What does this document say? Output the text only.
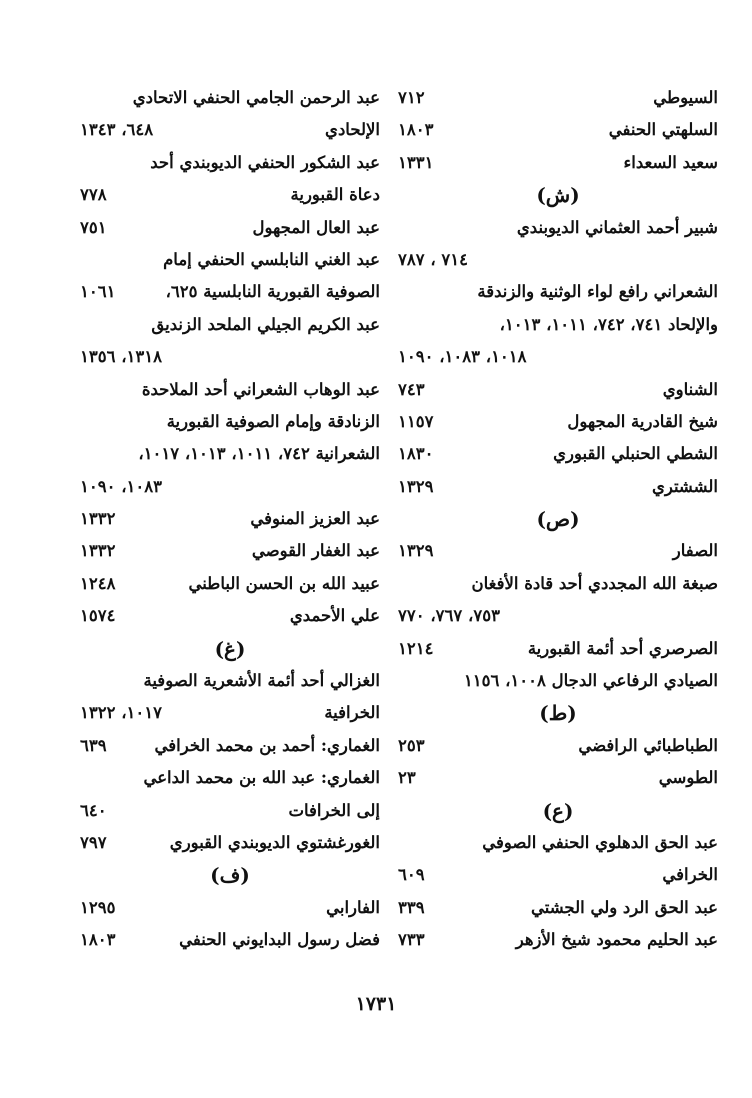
السيوطي
٧١٢
السلهتي الحنفي
١٨٠٣
سعيد السعداء
١٣٣١
(ش)
شبير أحمد العثماني الديوبندي
٧١٤ ، ٧٨٧
الشعراني رافع لواء الوثنية والزندقة
والإلحاد ٧٤١، ٧٤٢، ١٠١١، ١٠١٣،
١٠١٨، ١٠٨٣، ١٠٩٠
الشناوي
٧٤٣
شيخ القادرية المجهول
١١٥٧
الشطي الحنبلي القبوري
١٨٣٠
الششتري
١٣٢٩
(ص)
الصفار
١٣٢٩
صبغة الله المجددي أحد قادة الأفغان
٧٥٣، ٧٦٧، ٧٧٠
الصرصري أحد أئمة القبورية
١٢١٤
الصيادي الرفاعي الدجال ١٠٠٨، ١١٥٦
(ط)
الطباطبائي الرافضي
٢٥٣
الطوسي
٢٣
(ع)
عبد الحق الدهلوي الحنفي الصوفي
الخرافي
٦٠٩
عبد الحق الرد ولي الجشتي
٣٣٩
عبد الحليم محمود شيخ الأزهر
٧٣٣
عبد الرحمن الجامي الحنفي الاتحادي
الإلحادي
٦٤٨، ١٣٤٣
عبد الشكور الحنفي الديوبندي أحد
دعاة القبورية
٧٧٨
عبد العال المجهول
٧٥١
عبد الغني النابلسي الحنفي إمام
الصوفية القبورية النابلسية ٦٢٥،
١٠٦١
عبد الكريم الجيلي الملحد الزنديق
١٣١٨، ١٣٥٦
عبد الوهاب الشعراني أحد الملاحدة
الزنادقة وإمام الصوفية القبورية
الشعرانية ٧٤٢، ١٠١١، ١٠١٣، ١٠١٧،
١٠٨٣، ١٠٩٠
عبد العزيز المنوفي
١٣٣٢
عبد الغفار القوصي
١٣٣٢
عبيد الله بن الحسن الباطني
١٢٤٨
علي الأحمدي
١٥٧٤
(غ)
الغزالي أحد أئمة الأشعرية الصوفية
الخرافية
١٠١٧، ١٣٢٢
الغماري: أحمد بن محمد الخرافي
٦٣٩
الغماري: عبد الله بن محمد الداعي
إلى الخرافات
٦٤٠
الغورغشتوي الديوبندي القبوري
٧٩٧
(ف)
الفارابي
١٢٩٥
فضل رسول البدايوني الحنفي
١٨٠٣
١٧٣١
